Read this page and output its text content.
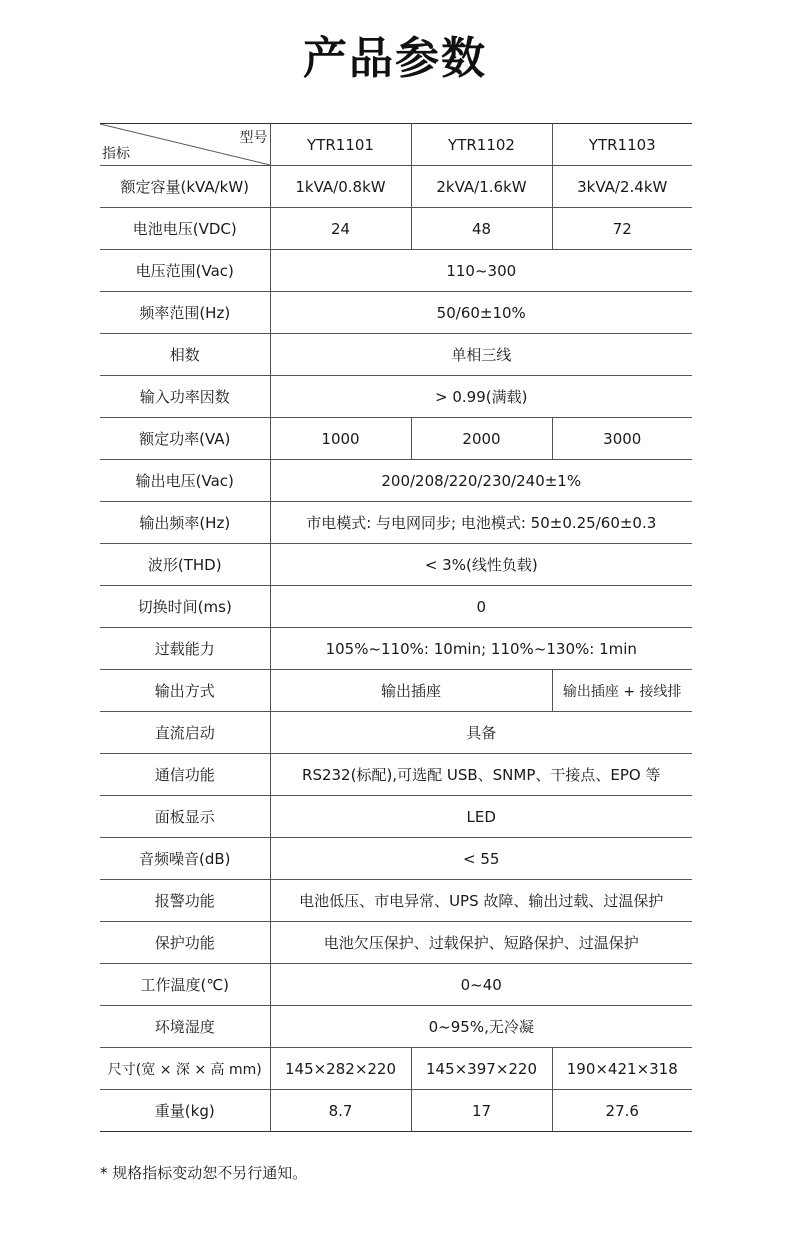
产品参数
型号
指标	YTR1101	YTR1102	YTR1103
额定容量(kVA/kW)	1kVA/0.8kW	2kVA/1.6kW	3kVA/2.4kW
电池电压(VDC)	24	48	72
电压范围(Vac)	110~300		
频率范围(Hz)	50/60±10%		
相数	单相三线		
输入功率因数	> 0.99(满载)		
额定功率(VA)	1000	2000	3000
输出电压(Vac)	200/208/220/230/240±1%		
输出频率(Hz)	市电模式: 与电网同步; 电池模式: 50±0.25/60±0.3		
波形(THD)	< 3%(线性负载)		
切换时间(ms)	0		
过载能力	105%~110%: 10min; 110%~130%: 1min		
输出方式	输出插座		输出插座 + 接线排
直流启动	具备		
通信功能	RS232(标配),可选配 USB、SNMP、干接点、EPO 等		
面板显示	LED		
音频噪音(dB)	< 55		
报警功能	电池低压、市电异常、UPS 故障、输出过载、过温保护		
保护功能	电池欠压保护、过载保护、短路保护、过温保护		
工作温度(℃)	0~40		
环境湿度	0~95%,无冷凝		
尺寸(宽 × 深 × 高 mm)	145×282×220	145×397×220	190×421×318
重量(kg)	8.7	17	27.6
* 规格指标变动恕不另行通知。
